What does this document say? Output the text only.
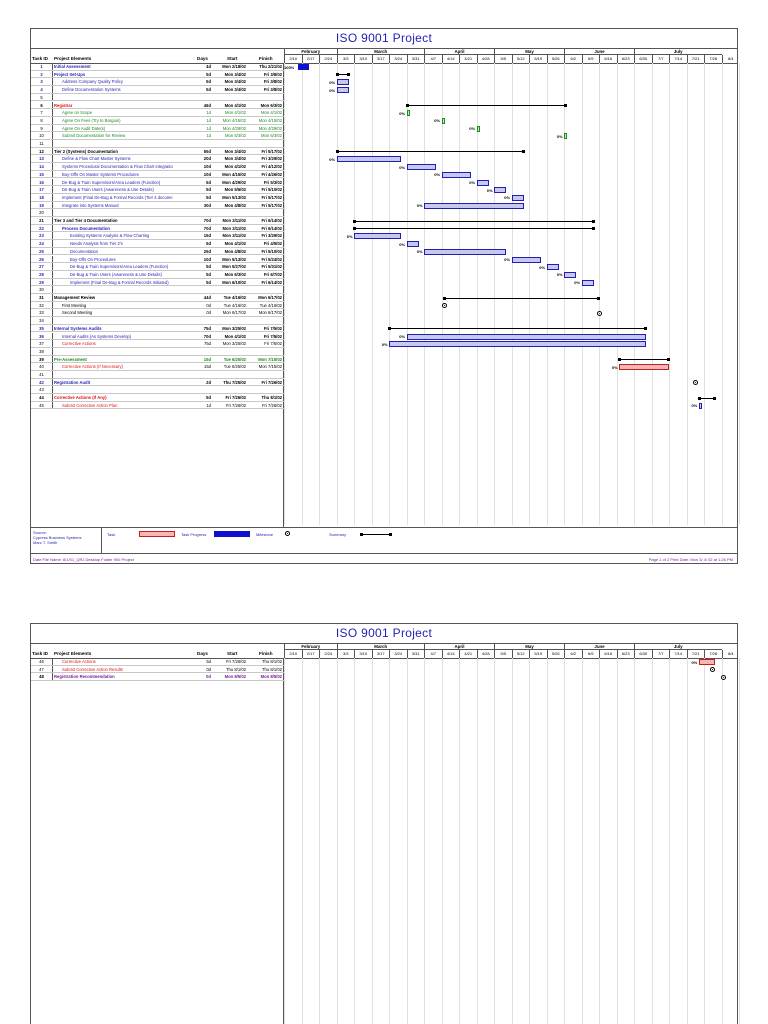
ISO 9001 Project
Task ID Project Elements	Days	Start	Finish
February	March	April	May	June	July
2/10	2/17	2/24	3/3	3/10	3/17	3/24	3/31	4/7	4/14	4/21	4/28	5/5	5/12	5/19	5/26	6/2	6/9	6/16	6/23	6/30	7/7	7/14	7/21	7/28	8/4
1	Initial Assessment	4d	Mon 2/18/02	Thu 2/21/02
2	Project Set-Ups	5d	Mon 3/4/02	Fri 3/8/02
3	Address Company Quality Policy	5d	Mon 3/4/02	Fri 3/8/02
4	Define Documentation Systems	5d	Mon 3/4/02	Fri 3/8/02
5
6	Registrar	46d	Mon 4/1/02	Mon 6/3/02
7	Agree on Scope	1d	Mon 4/1/02	Mon 4/1/02
8	Agree On Fees (Try to Bargain)	1d	Mon 4/15/02	Mon 4/15/02
9	Agree On Audit Date(s)	1d	Mon 4/29/02	Mon 4/29/02
10	Submit Documentation for Review	1d	Mon 6/3/02	Mon 6/3/02
11
12	Tier 2 (Systems) Documentation	55d	Mon 3/4/02	Fri 5/17/02
13	Define & Flow Chart Master Systems	20d	Mon 3/4/02	Fri 3/29/02
14	Systems Procedural Documentation & Flow Chart Integratio	10d	Mon 4/1/02	Fri 4/12/02
15	Buy-Offs On Master Systems Procedures	10d	Mon 4/15/02	Fri 4/26/02
16	De-Bug & Train Supervisors/Area Leaders (Function)	5d	Mon 4/29/02	Fri 5/3/02
17	De-Bug & Train Users (Awareness & Use Details)	5d	Mon 5/6/02	Fri 5/10/02
18	Implement (Final De-Bug & Formal Records (Tier 4 docume	5d	Mon 5/13/02	Fri 5/17/02
19	Integrate into Systems Manual	30d	Mon 4/8/02	Fri 5/17/02
20
21	Tier 3 and Tier 4 Documentation	70d	Mon 3/11/02	Fri 6/14/02
22	Process Documentation	70d	Mon 3/11/02	Fri 6/14/02
23	Existing Systems Analysis & Flow Charting	15d	Mon 3/11/02	Fri 3/29/02
24	Needs Analysis from Tier 2's	5d	Mon 4/1/02	Fri 4/5/02
25	Documentation	25d	Mon 4/8/02	Fri 5/10/02
26	Buy-Offs On Procedures	10d	Mon 5/13/02	Fri 5/24/02
27	De-Bug & Train Supervisors/Area Leaders (Function)	5d	Mon 5/27/02	Fri 5/31/02
28	De-Bug & Train Users (Awareness & Use Details)	5d	Mon 6/3/02	Fri 6/7/02
29	Implement (Final De-Bug & Formal Records Initiated)	5d	Mon 6/10/02	Fri 6/14/02
30
31	Management Review	44d	Tue 4/16/02	Mon 6/17/02
32	First Meeting	0d	Tue 4/16/02	Tue 4/16/02
33	Second Meeting	0d	Mon 6/17/02	Mon 6/17/02
34
35	Internal Systems Audits	75d	Mon 3/25/02	Fri 7/5/02
36	Internal Audits (As Systems Develop)	70d	Mon 4/1/02	Fri 7/5/02
37	Corrective Actions	75d	Mon 3/25/02	Fri 7/5/02
38
39	Pre-Assessment	15d	Tue 6/25/02	Mon 7/15/02
40	Corrective Actions (If Necessary)	15d	Tue 6/25/02	Mon 7/15/02
41
42	Registration Audit	2d	Thu 7/25/02	Fri 7/26/02
43
44	Corrective Actions (If Any)	5d	Fri 7/26/02	Thu 8/1/02
45	Submit Corrective Action Plan	1d	Fri 7/26/02	Fri 7/26/02
100%
0%
0%
0%
0%
0%
0%
0%
0%
0%
0%
0%
0%
0%
0%
0%
0%
0%
0%
0%
0%
0%
0%
0%
0%
Source:
Cypress Business Systems
Marc T. Smith
Task	Task Progress	Milestone	Summary
Date File Name: 8/1/01_QRJ Desktop Folder 900 Project	Page 1 of 2 Print Date: Mon 3/ 4/ 02 at 1:26 PM
ISO 9001 Project
Task ID Project Elements	Days	Start	Finish
February	March	April	May	June	July
2/10	2/17	2/24	3/3	3/10	3/17	3/24	3/31	4/7	4/14	4/21	4/28	5/5	5/12	5/19	5/26	6/2	6/9	6/16	6/23	6/30	7/7	7/14	7/21	7/28	8/4
46	Corrective Actions	5d	Fri 7/26/02	Thu 8/1/02
47	Submit Corrective Action Results	0d	Thu 8/1/02	Thu 8/1/02
48	Registration Recommendation	0d	Mon 8/5/02	Mon 8/5/02
0%
